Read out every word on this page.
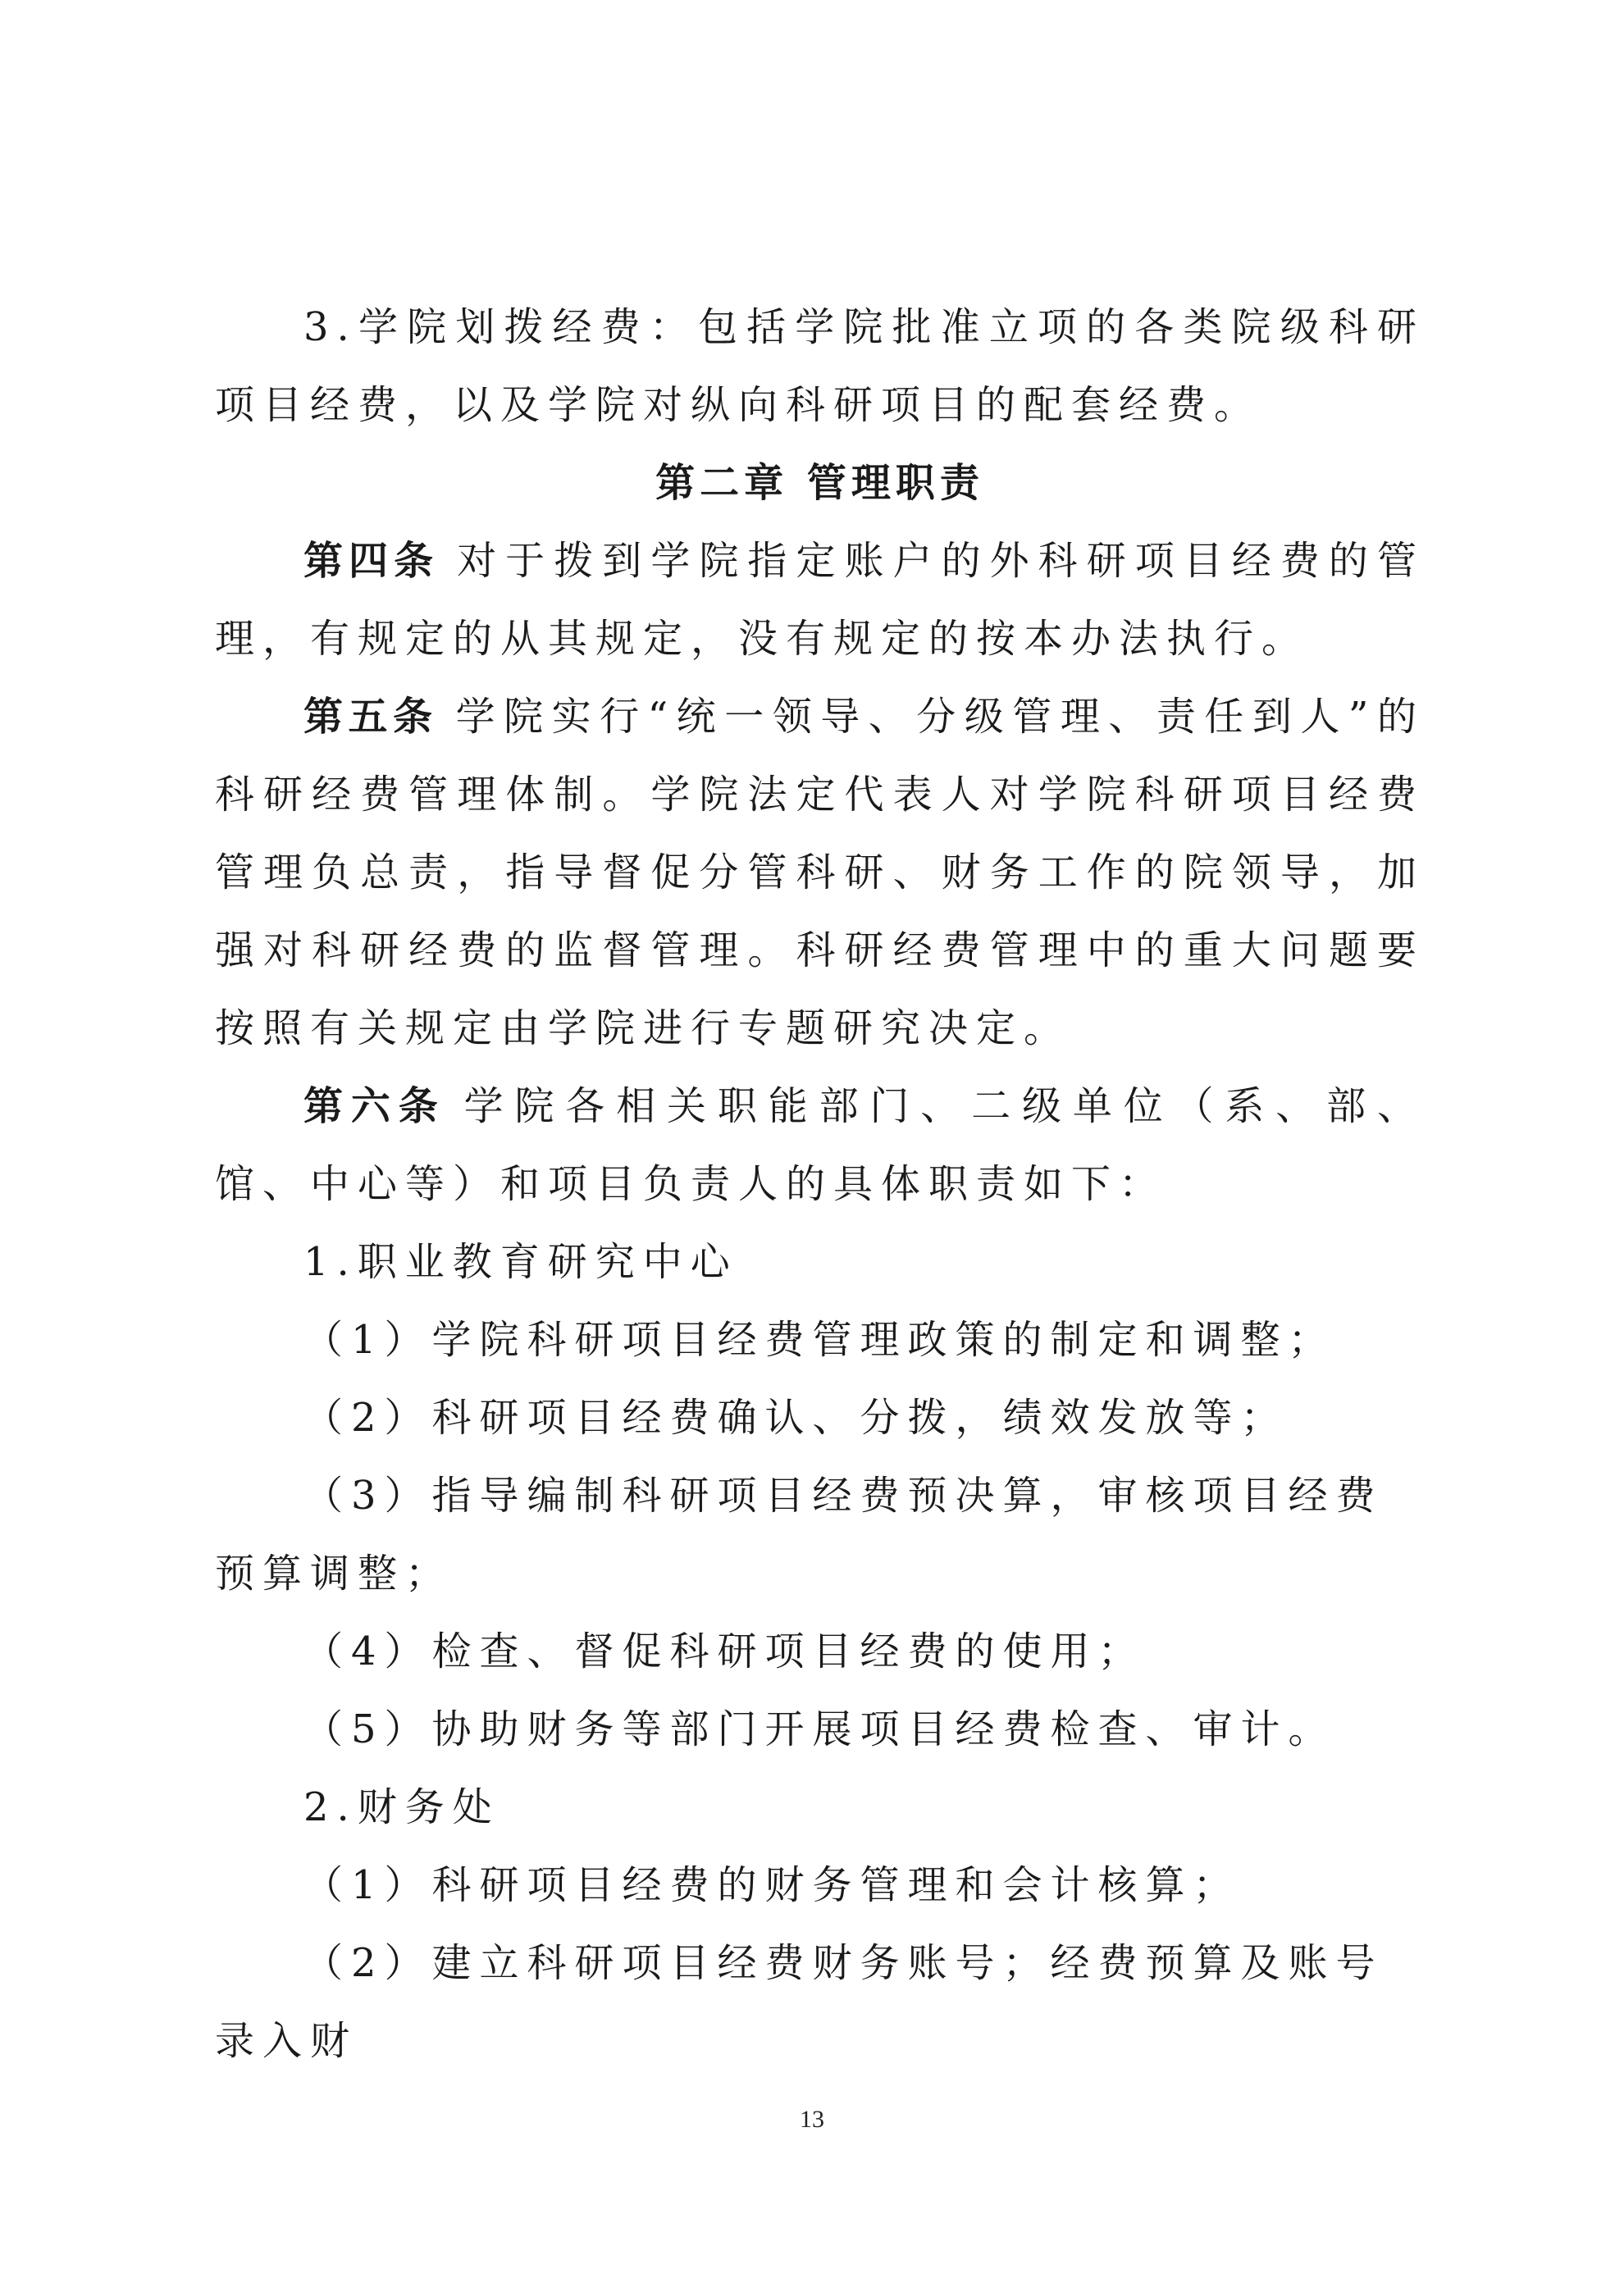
3.学院划拨经费：包括学院批准立项的各类院级科研项目经费，以及学院对纵向科研项目的配套经费。

第二章 管理职责

第四条 对于拨到学院指定账户的外科研项目经费的管理，有规定的从其规定，没有规定的按本办法执行。

第五条 学院实行“统一领导、分级管理、责任到人”的科研经费管理体制。学院法定代表人对学院科研项目经费管理负总责，指导督促分管科研、财务工作的院领导，加强对科研经费的监督管理。科研经费管理中的重大问题要按照有关规定由学院进行专题研究决定。

第六条 学院各相关职能部门、二级单位（系、部、馆、中心等）和项目负责人的具体职责如下：

1.职业教育研究中心

（1）学院科研项目经费管理政策的制定和调整；

（2）科研项目经费确认、分拨，绩效发放等；

（3）指导编制科研项目经费预决算，审核项目经费预算调整；

（4）检查、督促科研项目经费的使用；

（5）协助财务等部门开展项目经费检查、审计。

2.财务处

（1）科研项目经费的财务管理和会计核算；

（2）建立科研项目经费财务账号；经费预算及账号录入财

13
